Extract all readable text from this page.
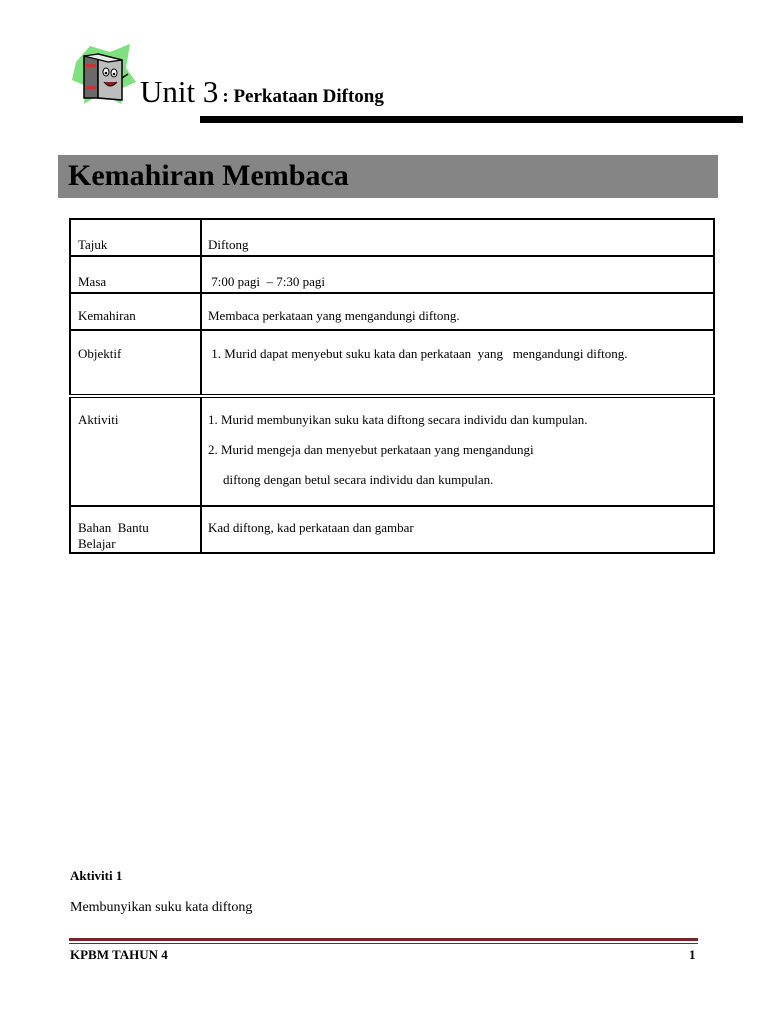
Unit 3 : Perkataan Diftong
Kemahiran Membaca
Tajuk	Diftong
Masa	7:00 pagi  – 7:30 pagi
Kemahiran	Membaca perkataan yang mengandungi diftong.
Objektif	1. Murid dapat menyebut suku kata dan perkataan  yang   mengandungi diftong.
Aktiviti	1. Murid membunyikan suku kata diftong secara individu dan kumpulan.
2. Murid mengeja dan menyebut perkataan yang mengandungi
diftong dengan betul secara individu dan kumpulan.

Bahan  Bantu
Belajar	Kad diftong, kad perkataan dan gambar
Aktiviti 1
Membunyikan suku kata diftong
KPBM TAHUN 4	1
